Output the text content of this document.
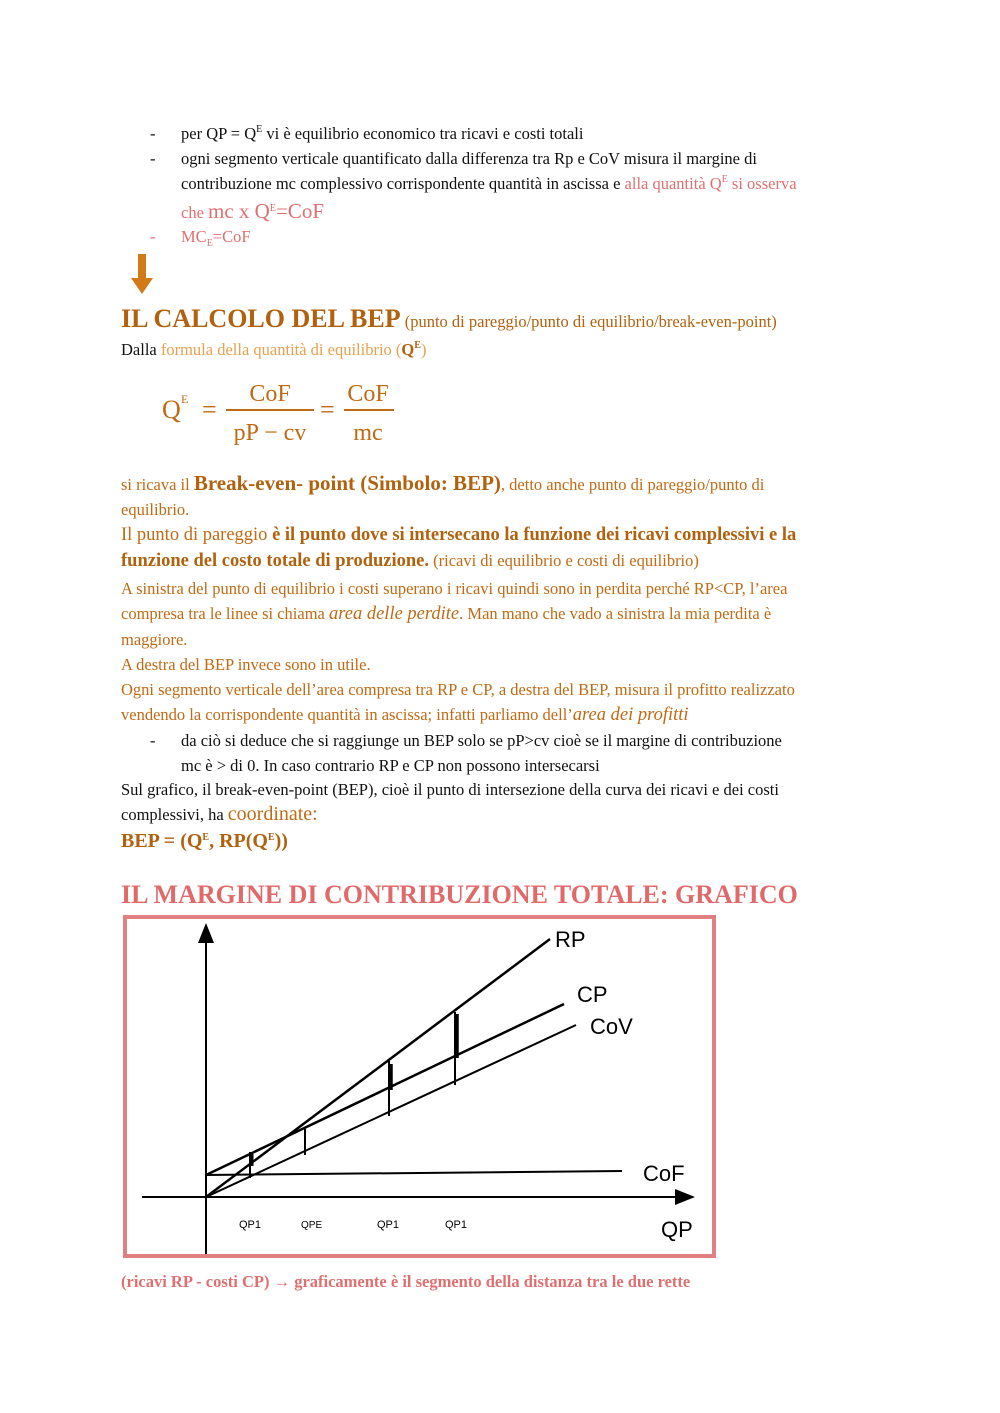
- per QP = $Q^E$ vi è equilibrio economico tra ricavi e costi totali
- ogni segmento verticale quantificato dalla differenza tra Rp e CoV misura il margine di
contribuzione mc complessivo corrispondente quantità in ascissa e alla quantità $Q^E$ si osserva
che mc x $Q^E=CoF$
- $MC_E=CoF$
IL CALCOLO DEL BEP (punto di pareggio/punto di equilibrio/break-even-point)
Dalla formula della quantità di equilibrio $(Q^E)$
Q E =
CoF
pP − cv
=
CoF
mc
si ricava il Break-even- point (Simbolo: BEP), detto anche punto di pareggio/punto di
equilibrio.
Il punto di pareggio è il punto dove si intersecano la funzione dei ricavi complessivi e la
funzione del costo totale di produzione. (ricavi di equilibrio e costi di equilibrio)
A sinistra del punto di equilibrio i costi superano i ricavi quindi sono in perdita perché RP<CP, l’area
compresa tra le linee si chiama area delle perdite. Man mano che vado a sinistra la mia perdita è
maggiore.
A destra del BEP invece sono in utile.
Ogni segmento verticale dell’area compresa tra RP e CP, a destra del BEP, misura il profitto realizzato
vendendo la corrispondente quantità in ascissa; infatti parliamo dell’area dei profitti
- da ciò si deduce che si raggiunge un BEP solo se pP>cv cioè se il margine di contribuzione
mc è > di 0. In caso contrario RP e CP non possono intersecarsi
Sul grafico, il break-even-point (BEP), cioè il punto di intersezione della curva dei ricavi e dei costi
complessivi, ha coordinate:
BEP = ($Q^E$, $RP(Q^E)$)
IL MARGINE DI CONTRIBUZIONE TOTALE: GRAFICO
RP
CP
CoV
CoF
QP
QP1	QPE	QP1	QP1
(ricavi RP - costi CP) → graficamente è il segmento della distanza tra le due rette
